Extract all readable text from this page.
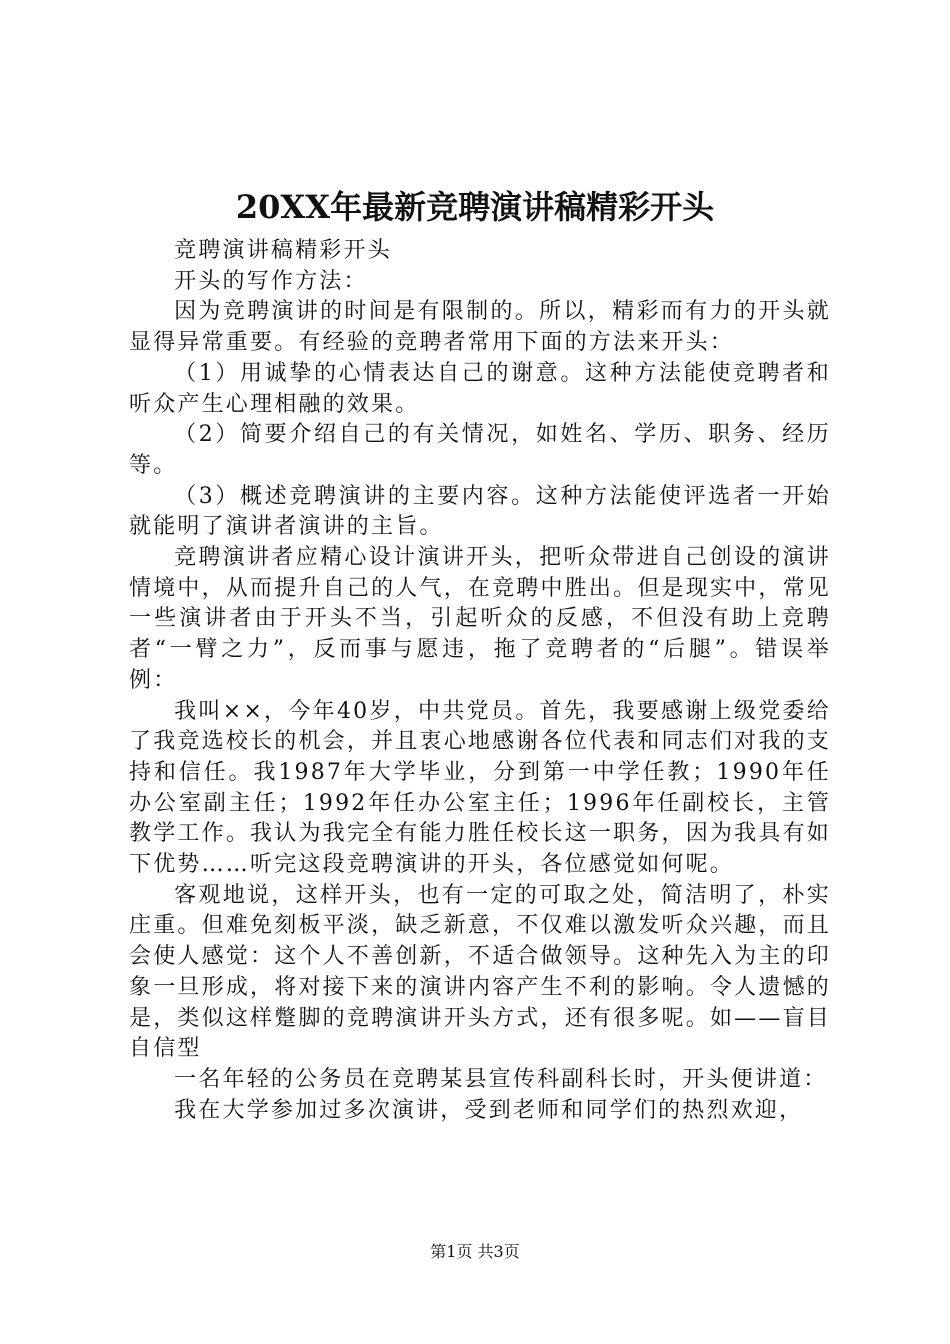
20XX年最新竞聘演讲稿精彩开头

竞聘演讲稿精彩开头

开头的写作方法：

因为竞聘演讲的时间是有限制的。所以，精彩而有力的开头就显得异常重要。有经验的竞聘者常用下面的方法来开头：

（1）用诚挚的心情表达自己的谢意。这种方法能使竞聘者和听众产生心理相融的效果。

（2）简要介绍自己的有关情况，如姓名、学历、职务、经历等。

（3）概述竞聘演讲的主要内容。这种方法能使评选者一开始就能明了演讲者演讲的主旨。

竞聘演讲者应精心设计演讲开头，把听众带进自己创设的演讲情境中，从而提升自己的人气，在竞聘中胜出。但是现实中，常见一些演讲者由于开头不当，引起听众的反感，不但没有助上竞聘者“一臂之力”，反而事与愿违，拖了竞聘者的“后腿”。错误举例：

我叫××，今年40岁，中共党员。首先，我要感谢上级党委给了我竞选校长的机会，并且衷心地感谢各位代表和同志们对我的支持和信任。我1987年大学毕业，分到第一中学任教；1990年任办公室副主任；1992年任办公室主任；1996年任副校长，主管教学工作。我认为我完全有能力胜任校长这一职务，因为我具有如下优势……听完这段竞聘演讲的开头，各位感觉如何呢。

客观地说，这样开头，也有一定的可取之处，简洁明了，朴实庄重。但难免刻板平淡，缺乏新意，不仅难以激发听众兴趣，而且会使人感觉：这个人不善创新，不适合做领导。这种先入为主的印象一旦形成，将对接下来的演讲内容产生不利的影响。令人遗憾的是，类似这样蹩脚的竞聘演讲开头方式，还有很多呢。如——盲目自信型

一名年轻的公务员在竞聘某县宣传科副科长时，开头便讲道：

我在大学参加过多次演讲，受到老师和同学们的热烈欢迎，

第1页 共3页
